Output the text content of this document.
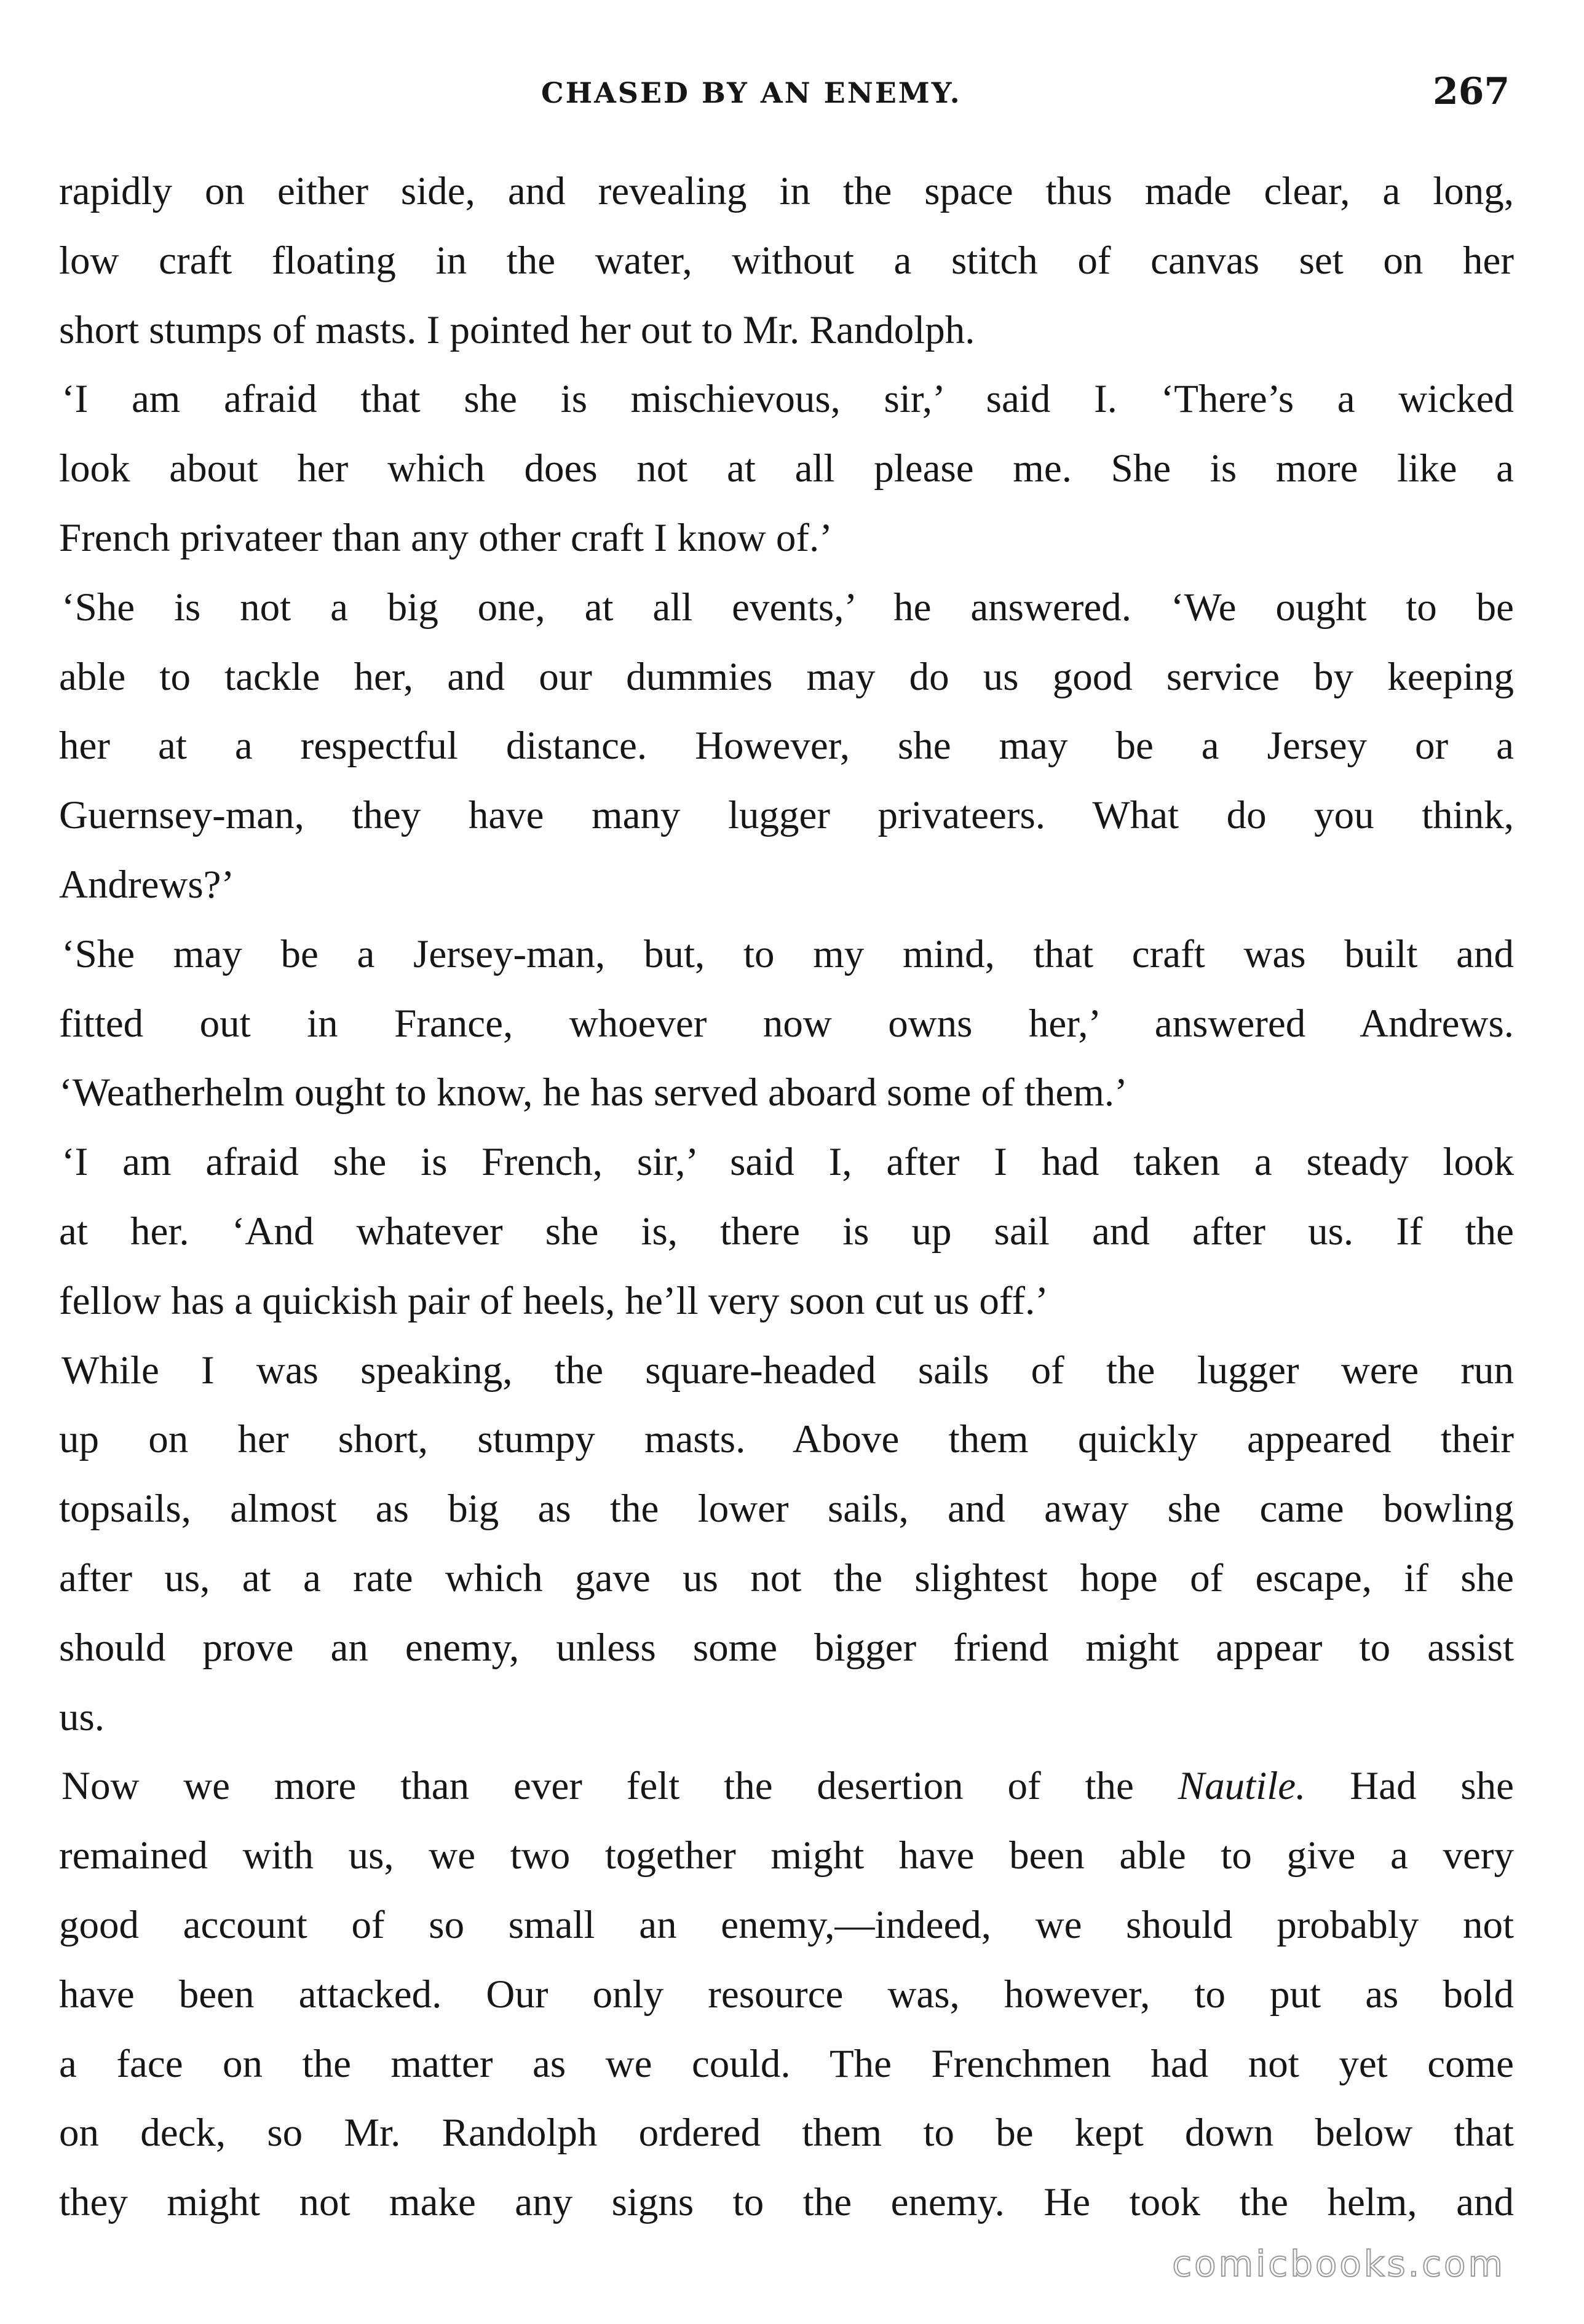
CHASED BY AN ENEMY.	267
rapidly on either side, and revealing in the space thus made clear, a long,
low craft floating in the water, without a stitch of canvas set on her
short stumps of masts. I pointed her out to Mr. Randolph.
‘I am afraid that she is mischievous, sir,’ said I. ‘There’s a wicked
look about her which does not at all please me. She is more like a
French privateer than any other craft I know of.’
‘She is not a big one, at all events,’ he answered. ‘We ought to be
able to tackle her, and our dummies may do us good service by keeping
her at a respectful distance. However, she may be a Jersey or a
Guernsey-man, they have many lugger privateers. What do you think,
Andrews?’
‘She may be a Jersey-man, but, to my mind, that craft was built and
fitted out in France, whoever now owns her,’ answered Andrews.
‘Weatherhelm ought to know, he has served aboard some of them.’
‘I am afraid she is French, sir,’ said I, after I had taken a steady look
at her. ‘And whatever she is, there is up sail and after us. If the
fellow has a quickish pair of heels, he’ll very soon cut us off.’
While I was speaking, the square-headed sails of the lugger were run
up on her short, stumpy masts. Above them quickly appeared their
topsails, almost as big as the lower sails, and away she came bowling
after us, at a rate which gave us not the slightest hope of escape, if she
should prove an enemy, unless some bigger friend might appear to assist
us.
Now we more than ever felt the desertion of the Nautile. Had she
remained with us, we two together might have been able to give a very
good account of so small an enemy,—indeed, we should probably not
have been attacked. Our only resource was, however, to put as bold
a face on the matter as we could. The Frenchmen had not yet come
on deck, so Mr. Randolph ordered them to be kept down below that
they might not make any signs to the enemy. He took the helm, and
comicbooks.com
